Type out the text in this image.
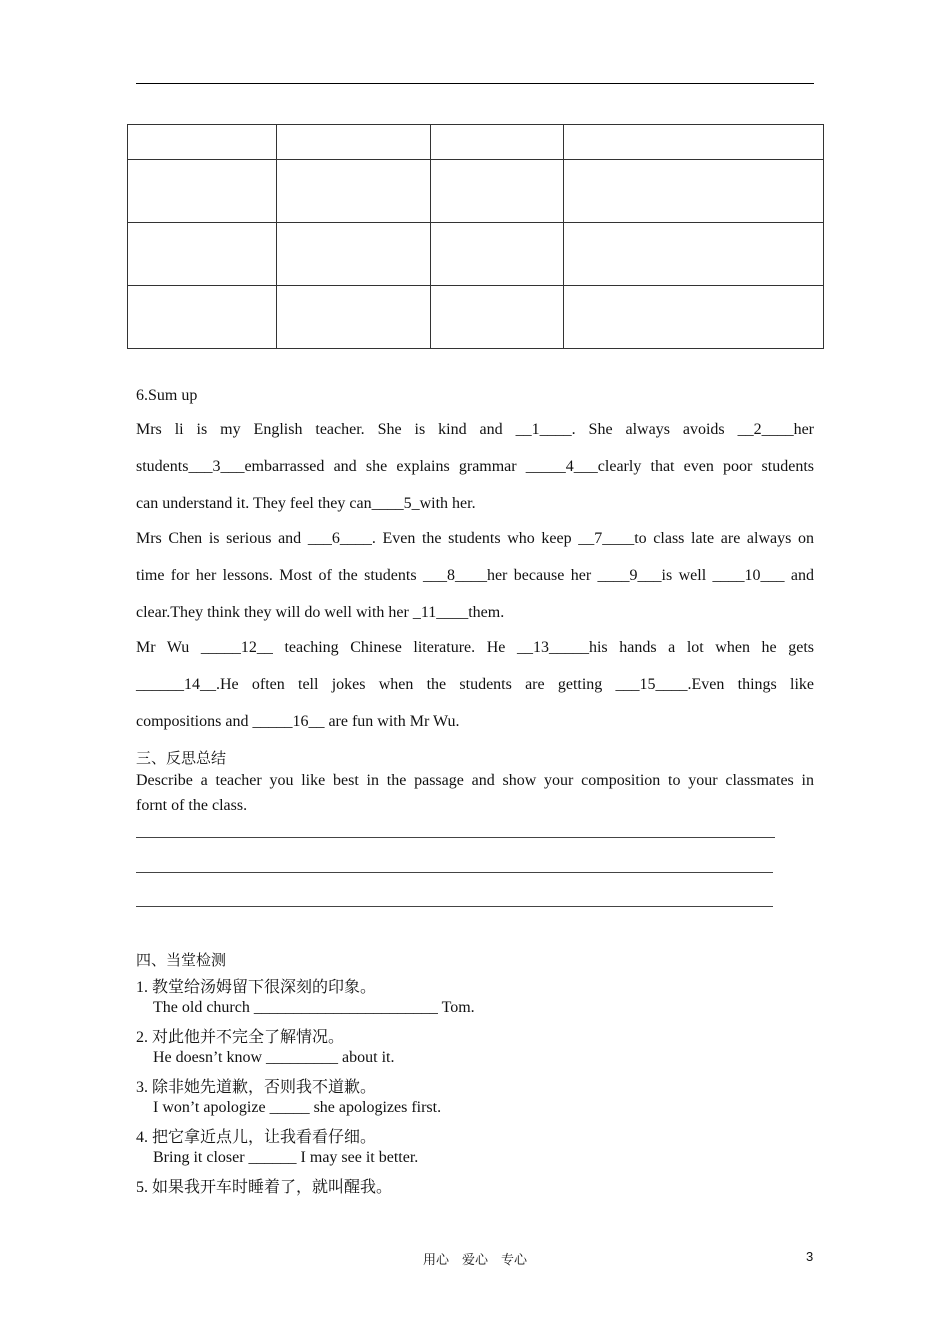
6.Sum up
Mrs li is my English teacher. She is kind and __1____. She always avoids __2____her
students___3___embarrassed and she explains grammar _____4___clearly that even poor students
can understand it. They feel they can____5_with her.
Mrs Chen is serious and ___6____. Even the students who keep __7____to class late are always on
time for her lessons. Most of the students ___8____her because her ____9___is well ____10___ and
clear.They think they will do well with her _11____them.
Mr Wu _____12__ teaching Chinese literature. He __13_____his hands a lot when he gets
______14__.He often tell jokes when the students are getting ___15____.Even things like
compositions and _____16__ are fun with Mr Wu.
三、反思总结
Describe a teacher you like best in the passage and show your composition to your classmates in
fornt of the class.
四、当堂检测
1. 教堂给汤姆留下很深刻的印象。
The old church _______________________ Tom.
2. 对此他并不完全了解情况。
He doesn’t know _________ about it.
3. 除非她先道歉，否则我不道歉。
I won’t apologize _____ she apologizes first.
4. 把它拿近点儿，让我看看仔细。
Bring it closer ______ I may see it better.
5. 如果我开车时睡着了，就叫醒我。
用心　爱心　专心	3
